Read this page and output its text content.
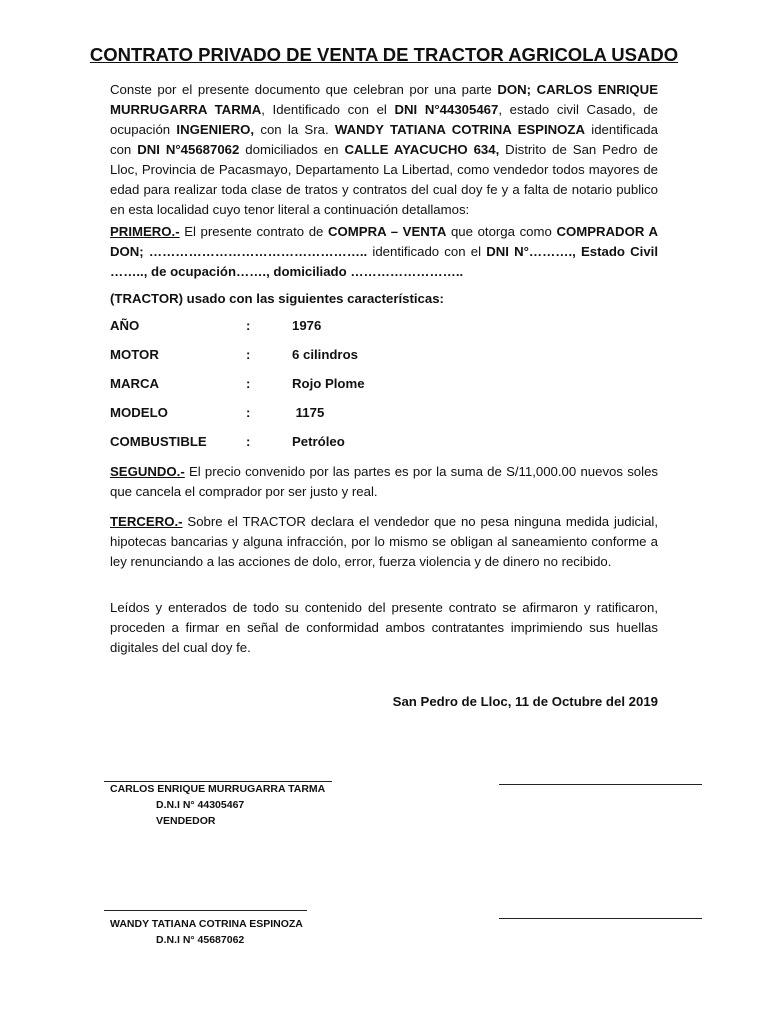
CONTRATO PRIVADO DE VENTA DE TRACTOR AGRICOLA USADO
Conste por el presente documento que celebran por una parte DON; CARLOS ENRIQUE MURRUGARRA TARMA, Identificado con el DNI N°44305467, estado civil Casado, de ocupación INGENIERO, con la Sra. WANDY TATIANA COTRINA ESPINOZA identificada con DNI N°45687062 domiciliados en CALLE AYACUCHO 634, Distrito de San Pedro de Lloc, Provincia de Pacasmayo, Departamento La Libertad, como vendedor todos mayores de edad para realizar toda clase de tratos y contratos del cual doy fe y a falta de notario publico en esta localidad cuyo tenor literal a continuación detallamos:
PRIMERO.- El presente contrato de COMPRA – VENTA que otorga como COMPRADOR A DON; ………………………………………….. identificado con el DNI N°………., Estado Civil …….., de ocupación……., domiciliado ……………………..
(TRACTOR) usado con las siguientes características:
AÑO	:	1976
MOTOR	:	6 cilindros
MARCA	:	Rojo Plome
MODELO	:	1175
COMBUSTIBLE	:	Petróleo
SEGUNDO.- El precio convenido por las partes es por la suma de S/11,000.00 nuevos soles que cancela el comprador por ser justo y real.
TERCERO.- Sobre el TRACTOR declara el vendedor que no pesa ninguna medida judicial, hipotecas bancarias y alguna infracción, por lo mismo se obligan al saneamiento conforme a ley renunciando a las acciones de dolo, error, fuerza violencia y de dinero no recibido.
Leídos y enterados de todo su contenido del presente contrato se afirmaron y ratificaron, proceden a firmar en señal de conformidad ambos contratantes imprimiendo sus huellas digitales del cual doy fe.
San Pedro de Lloc, 11 de Octubre del 2019
CARLOS ENRIQUE MURRUGARRA TARMA
D.N.I N° 44305467
VENDEDOR
WANDY TATIANA COTRINA ESPINOZA
D.N.I N° 45687062
